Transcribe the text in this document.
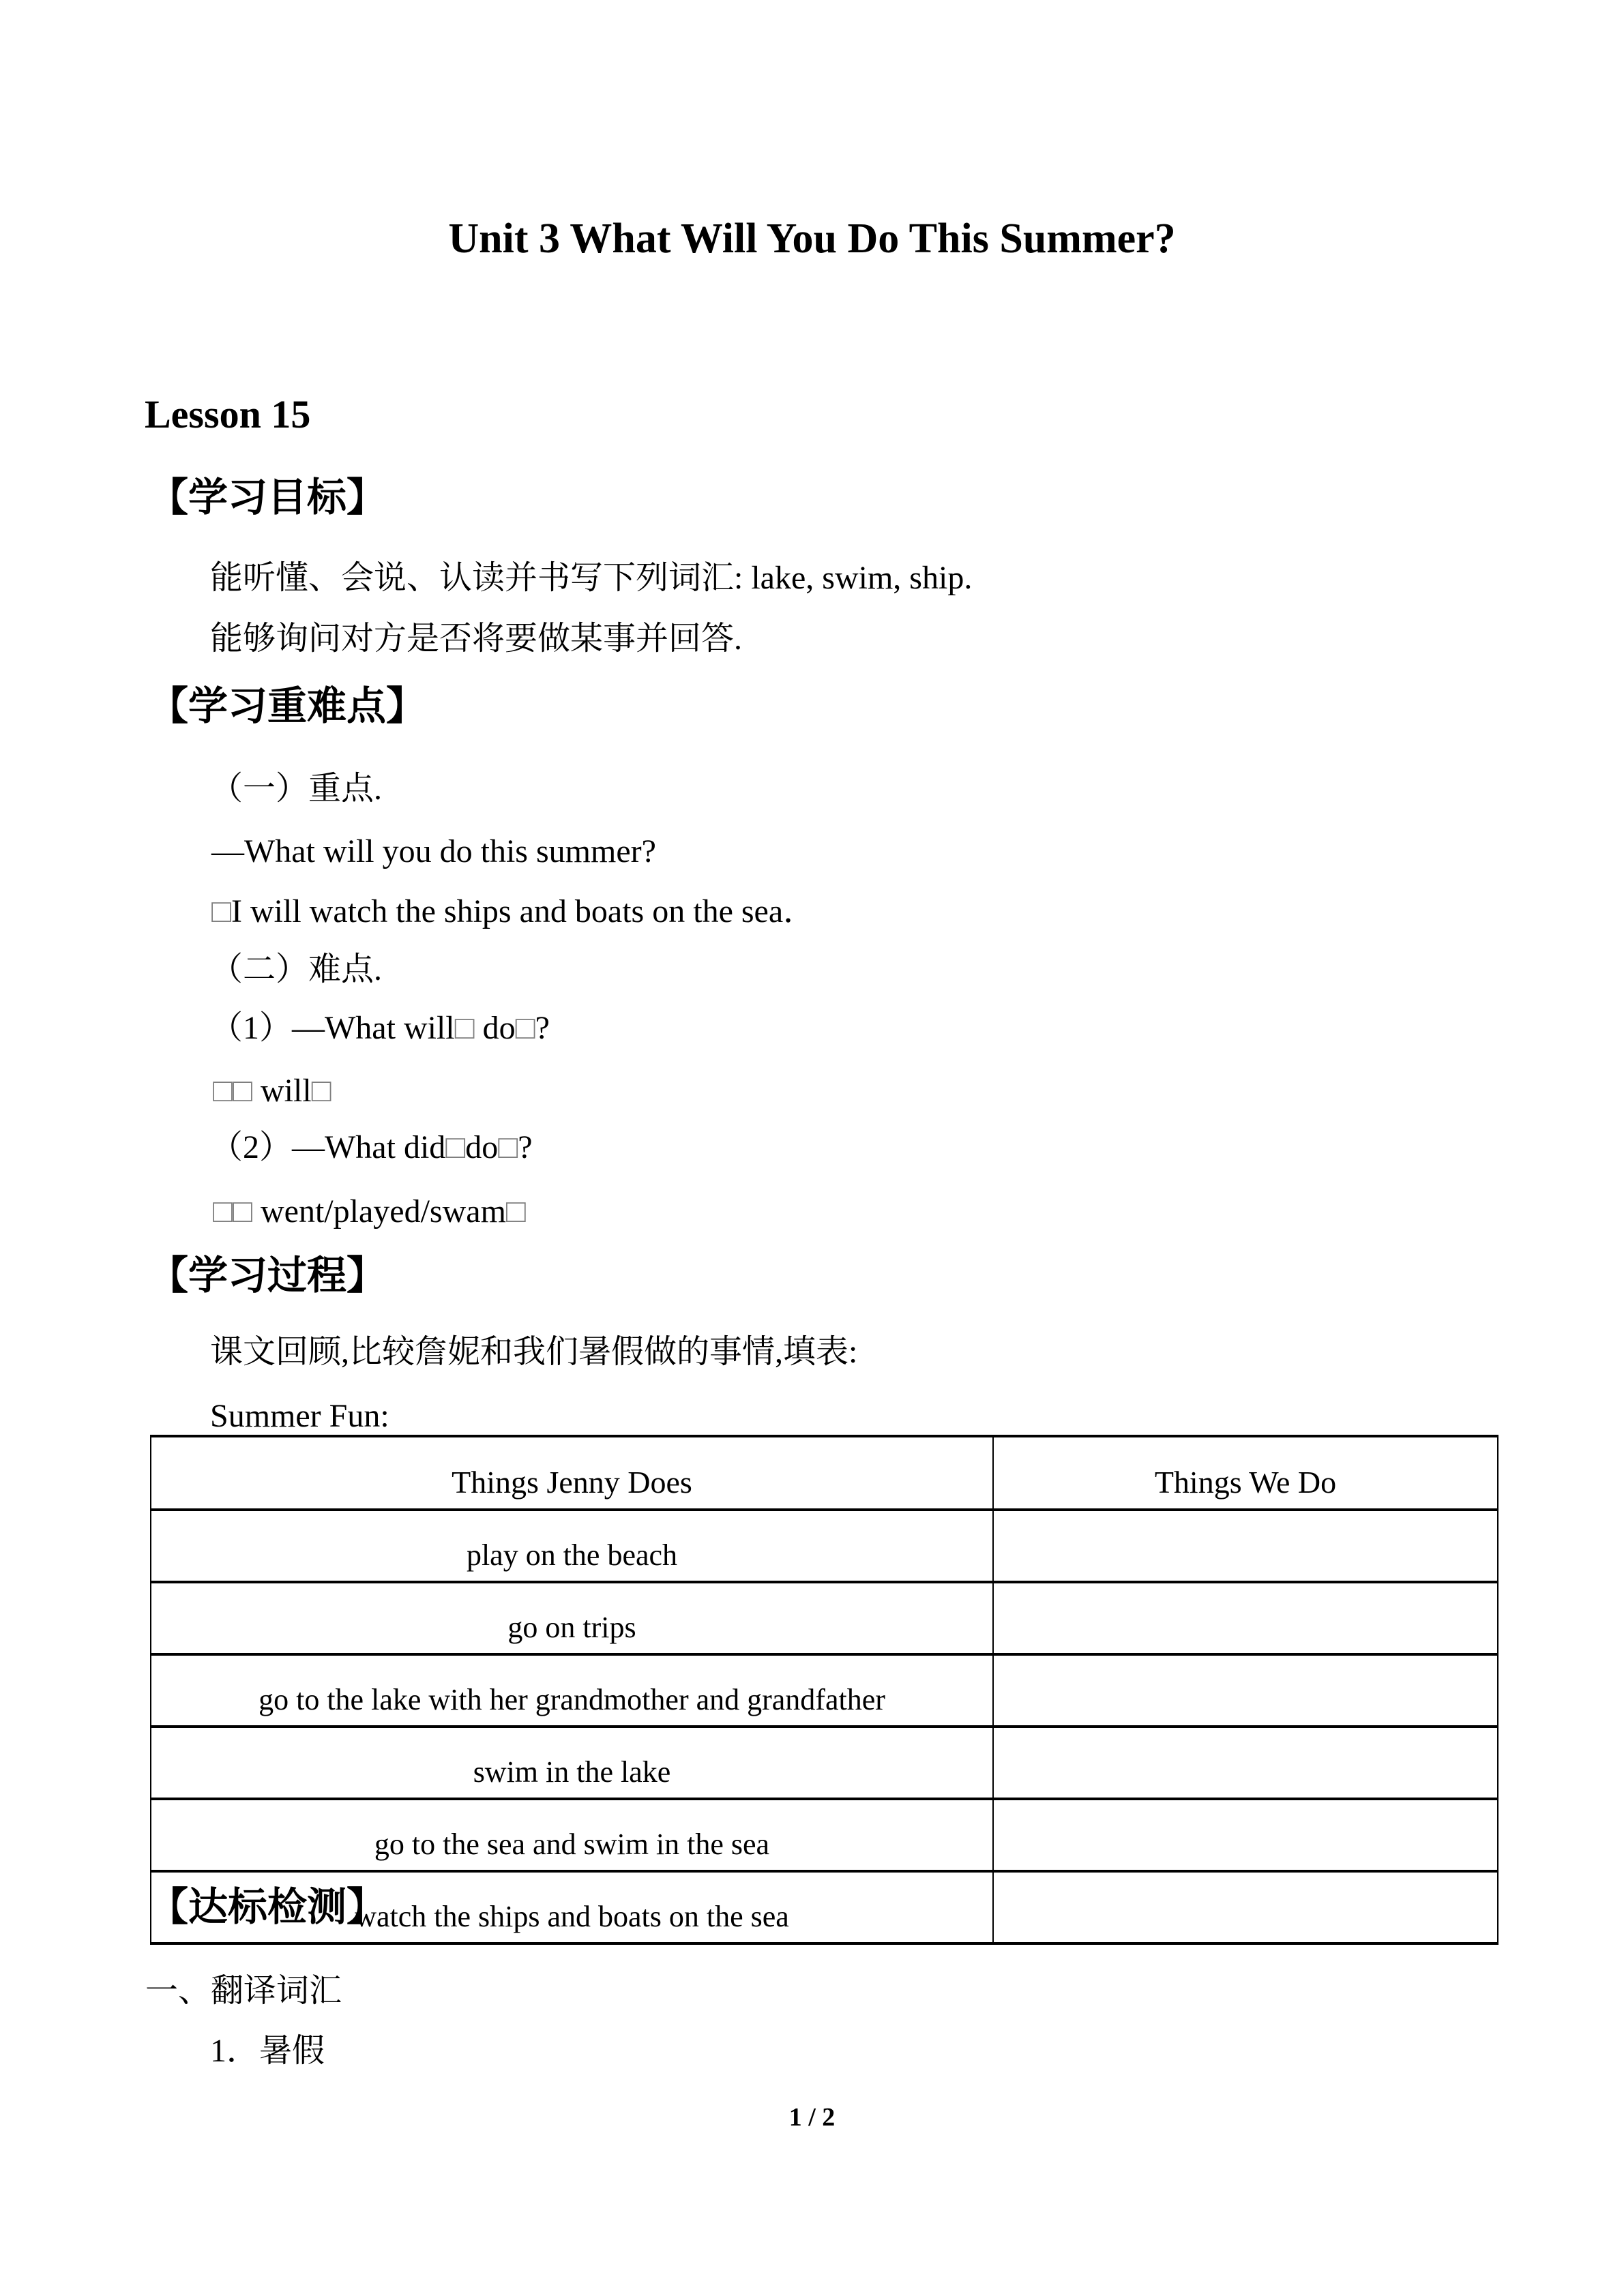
Unit 3 What Will You Do This Summer?
Lesson 15
【学习目标】
能听懂、会说、认读并书写下列词汇: lake, swim, ship.
能够询问对方是否将要做某事并回答.
【学习重难点】
（一）重点.
—What will you do this summer?
□I will watch the ships and boats on the sea．
（二）难点.
（1）—What will□ do□?
□□ will□
（2）—What did□do□?
□□ went/played/swam□
【学习过程】
课文回顾,比较詹妮和我们暑假做的事情,填表:
Summer Fun:
Things Jenny Does	Things We Do
play on the beach	
go on trips	
go to the lake with her grandmother and grandfather	
swim in the lake	
go to the sea and swim in the sea	
watch the ships and boats on the sea	
【达标检测】
一、翻译词汇
1．暑假
1 / 2
